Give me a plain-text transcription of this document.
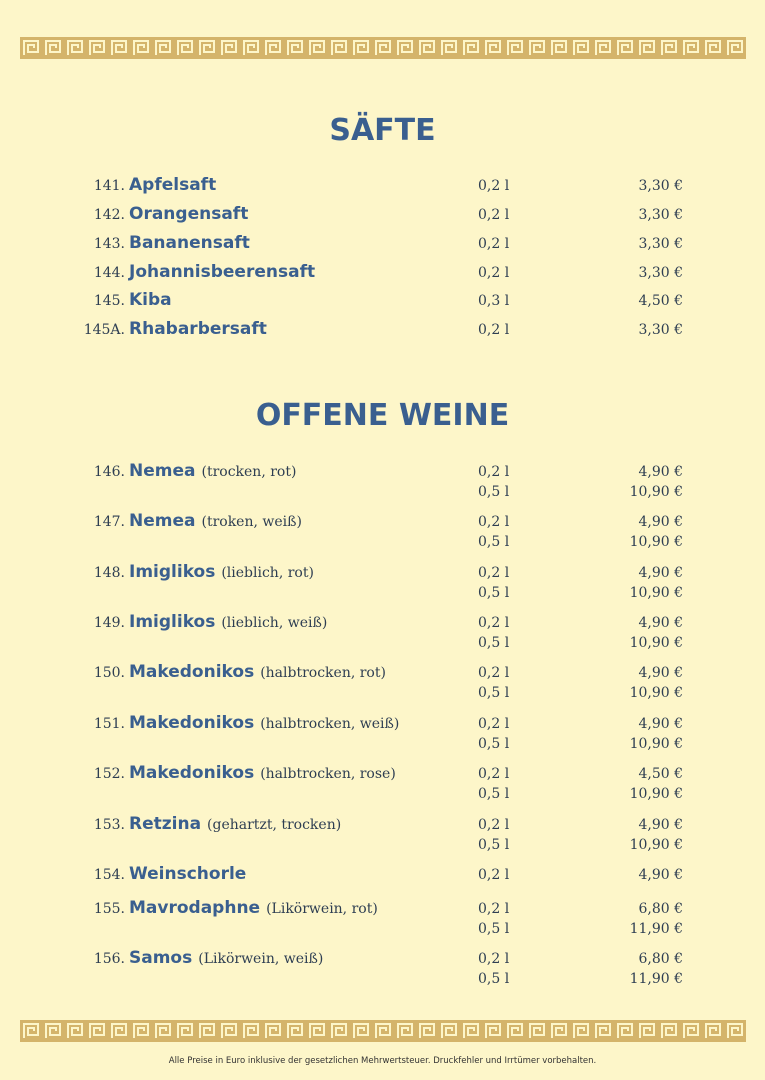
SÄFTE
141. Apfelsaft	0,2 l	3,30 €
142. Orangensaft	0,2 l	3,30 €
143. Bananensaft	0,2 l	3,30 €
144. Johannisbeerensaft	0,2 l	3,30 €
145. Kiba	0,3 l	4,50 €
145A. Rhabarbersaft	0,2 l	3,30 €
OFFENE WEINE
146. Nemea (trocken, rot)	0,2 l	4,90 €
0,5 l	10,90 €
147. Nemea (troken, weiß)	0,2 l	4,90 €
0,5 l	10,90 €
148. Imiglikos (lieblich, rot)	0,2 l	4,90 €
0,5 l	10,90 €
149. Imiglikos (lieblich, weiß)	0,2 l	4,90 €
0,5 l	10,90 €
150. Makedonikos (halbtrocken, rot)	0,2 l	4,90 €
0,5 l	10,90 €
151. Makedonikos (halbtrocken, weiß)	0,2 l	4,90 €
0,5 l	10,90 €
152. Makedonikos (halbtrocken, rose)	0,2 l	4,50 €
0,5 l	10,90 €
153. Retzina (gehartzt, trocken)	0,2 l	4,90 €
0,5 l	10,90 €
154. Weinschorle	0,2 l	4,90 €
155. Mavrodaphne (Likörwein, rot)	0,2 l	6,80 €
0,5 l	11,90 €
156. Samos (Likörwein, weiß)	0,2 l	6,80 €
0,5 l	11,90 €
Alle Preise in Euro inklusive der gesetzlichen Mehrwertsteuer. Druckfehler und Irrtümer vorbehalten.
